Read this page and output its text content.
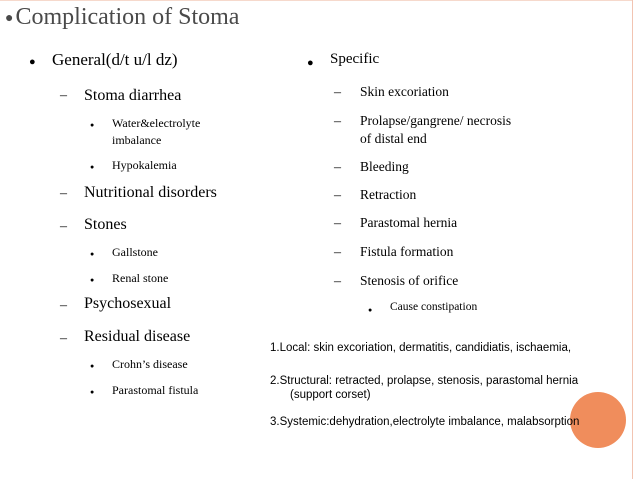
●Complication of Stoma
● General(d/t u/l dz)
– Stoma diarrhea
● Water&electrolyte
imbalance
● Hypokalemia
– Nutritional disorders
– Stones
● Gallstone
● Renal stone
– Psychosexual
– Residual disease
● Crohn’s disease
● Parastomal fistula
● Specific
– Skin excoriation
– Prolapse/gangrene/ necrosis
of distal end
– Bleeding
– Retraction
– Parastomal hernia
– Fistula formation
– Stenosis of orifice
● Cause constipation
1.Local: skin excoriation, dermatitis, candidiatis, ischaemia,
2.Structural: retracted, prolapse, stenosis, parastomal hernia
(support corset)
3.Systemic:dehydration,electrolyte imbalance, malabsorption
